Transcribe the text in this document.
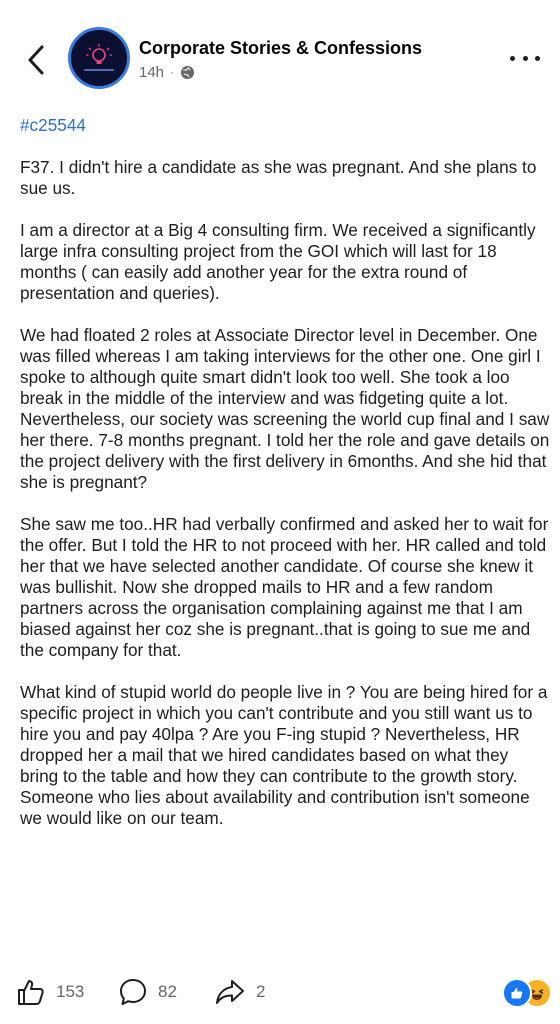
Corporate Stories & Confessions
14h ·
#c25544

F37. I didn't hire a candidate as she was pregnant. And she plans to sue us.

I am a director at a Big 4 consulting firm. We received a significantly large infra consulting project from the GOI which will last for 18 months ( can easily add another year for the extra round of presentation and queries).

We had floated 2 roles at Associate Director level in December. One was filled whereas I am taking interviews for the other one. One girl I spoke to although quite smart didn't look too well. She took a loo break in the middle of the interview and was fidgeting quite a lot. Nevertheless, our society was screening the world cup final and I saw her there. 7-8 months pregnant. I told her the role and gave details on the project delivery with the first delivery in 6months. And she hid that she is pregnant?

She saw me too..HR had verbally confirmed and asked her to wait for the offer. But I told the HR to not proceed with her. HR called and told her that we have selected another candidate. Of course she knew it was bullishit. Now she dropped mails to HR and a few random partners across the organisation complaining against me that I am biased against her coz she is pregnant..that is going to sue me and the company for that.

What kind of stupid world do people live in ? You are being hired for a specific project in which you can't contribute and you still want us to hire you and pay 40lpa ? Are you F-ing stupid ? Nevertheless, HR dropped her a mail that we hired candidates based on what they bring to the table and how they can contribute to the growth story. Someone who lies about availability and contribution isn't someone we would like on our team.

153	82	2
